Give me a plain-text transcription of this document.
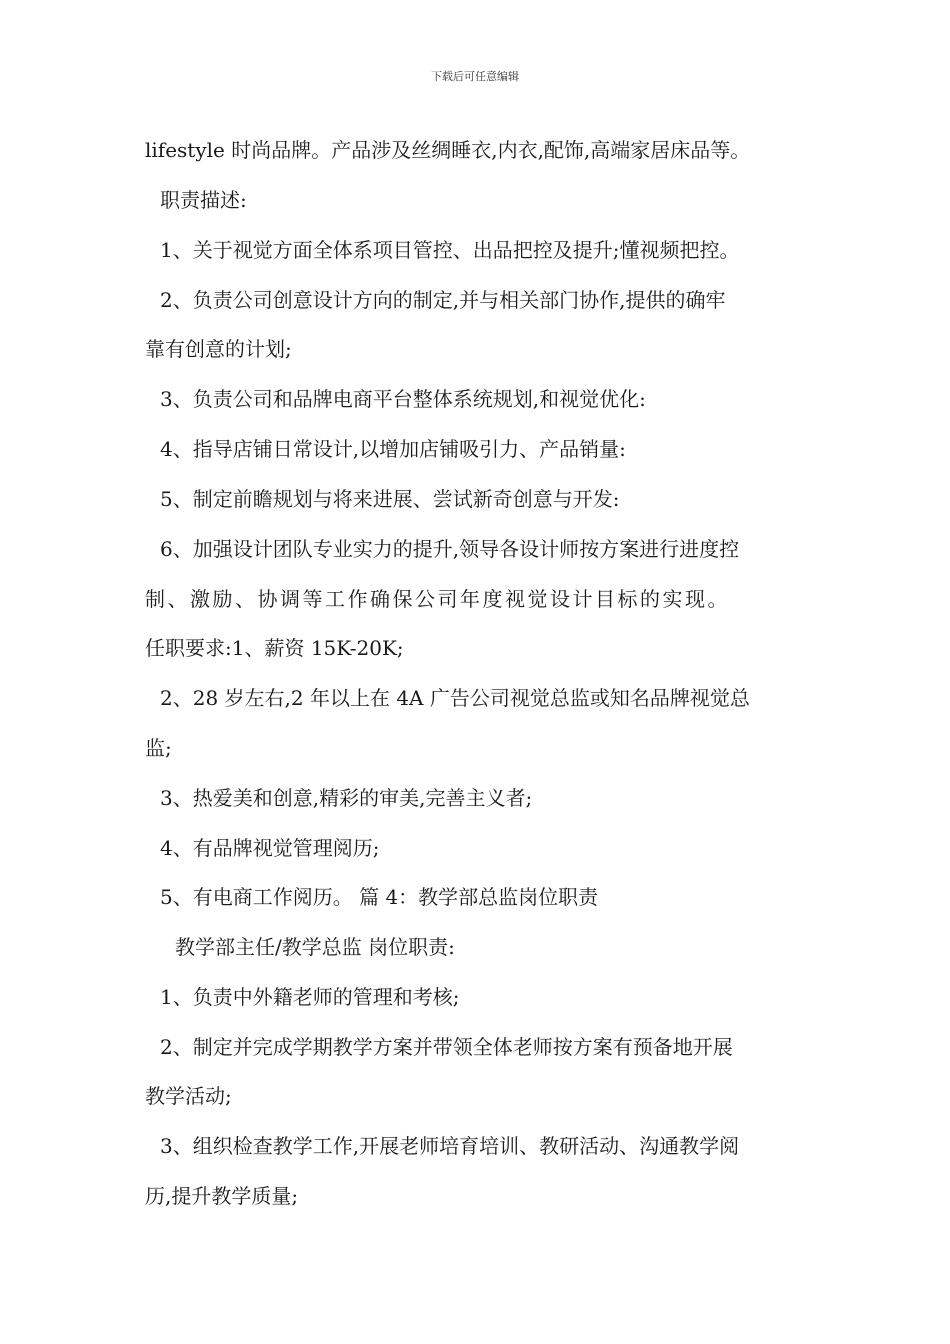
下载后可任意编辑
lifestyle 时尚品牌。产品涉及丝绸睡衣,内衣,配饰,高端家居床品等。
职责描述:
1、关于视觉方面全体系项目管控、出品把控及提升;懂视频把控。
2、负责公司创意设计方向的制定,并与相关部门协作,提供的确牢
靠有创意的计划;
3、负责公司和品牌电商平台整体系统规划,和视觉优化:
4、指导店铺日常设计,以增加店铺吸引力、产品销量:
5、制定前瞻规划与将来进展、尝试新奇创意与开发:
6、加强设计团队专业实力的提升,领导各设计师按方案进行进度控
制、激励、协调等工作确保公司年度视觉设计目标的实现。
任职要求:1、薪资 15K-20K;
2、28 岁左右,2 年以上在 4A 广告公司视觉总监或知名品牌视觉总
监;
3、热爱美和创意,精彩的审美,完善主义者;
4、有品牌视觉管理阅历;
5、有电商工作阅历。 篇 4：教学部总监岗位职责
教学部主任/教学总监 岗位职责:
1、负责中外籍老师的管理和考核;
2、制定并完成学期教学方案并带领全体老师按方案有预备地开展
教学活动;
3、组织检查教学工作,开展老师培育培训、教研活动、沟通教学阅
历,提升教学质量;
